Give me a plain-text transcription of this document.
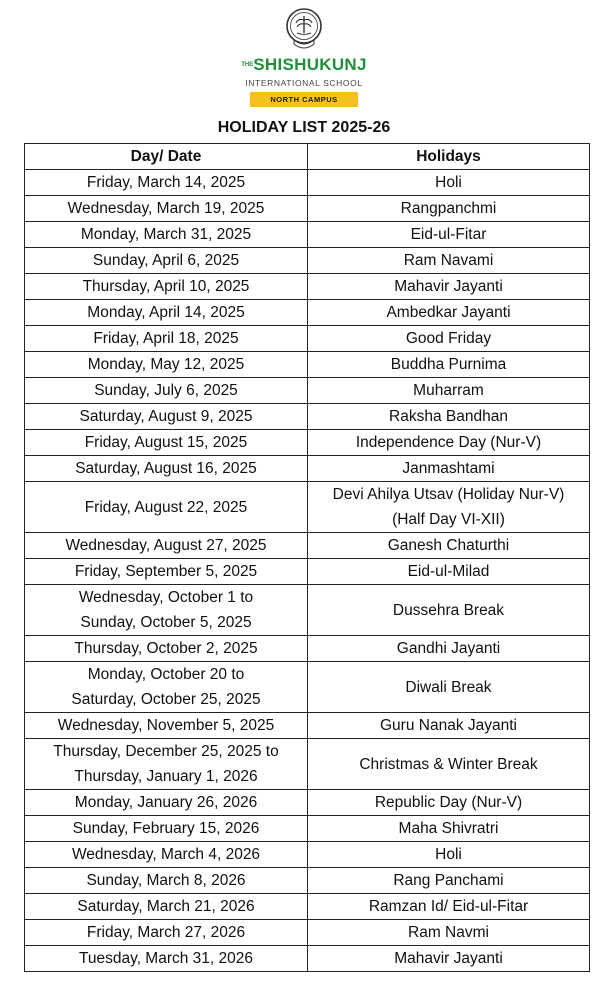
$^{THE}$SHISHUKUNJ
INTERNATIONAL SCHOOL
NORTH CAMPUS
HOLIDAY LIST 2025-26
Day/ Date	Holidays

Friday, March 14, 2025	Holi

Wednesday, March 19, 2025	Rangpanchmi

Monday, March 31, 2025	Eid-ul-Fitar

Sunday, April 6, 2025	Ram Navami

Thursday, April 10, 2025	Mahavir Jayanti

Monday, April 14, 2025	Ambedkar Jayanti

Friday, April 18, 2025	Good Friday

Monday, May 12, 2025	Buddha Purnima

Sunday, July 6, 2025	Muharram

Saturday, August 9, 2025	Raksha Bandhan

Friday, August 15, 2025	Independence Day (Nur-V)

Saturday, August 16, 2025	Janmashtami

Friday, August 22, 2025	Devi Ahilya Utsav (Holiday Nur-V)
(Half Day VI-XII)

Wednesday, August 27, 2025	Ganesh Chaturthi

Friday, September 5, 2025	Eid-ul-Milad

Wednesday, October 1 to
Sunday, October 5, 2025	Dussehra Break

Thursday, October 2, 2025	Gandhi Jayanti

Monday, October 20 to
Saturday, October 25, 2025	Diwali Break

Wednesday, November 5, 2025	Guru Nanak Jayanti

Thursday, December 25, 2025 to
Thursday, January 1, 2026	Christmas & Winter Break

Monday, January 26, 2026	Republic Day (Nur-V)

Sunday, February 15, 2026	Maha Shivratri

Wednesday, March 4, 2026	Holi

Sunday, March 8, 2026	Rang Panchami

Saturday, March 21, 2026	Ramzan Id/ Eid-ul-Fitar

Friday, March 27, 2026	Ram Navmi

Tuesday, March 31, 2026	Mahavir Jayanti
